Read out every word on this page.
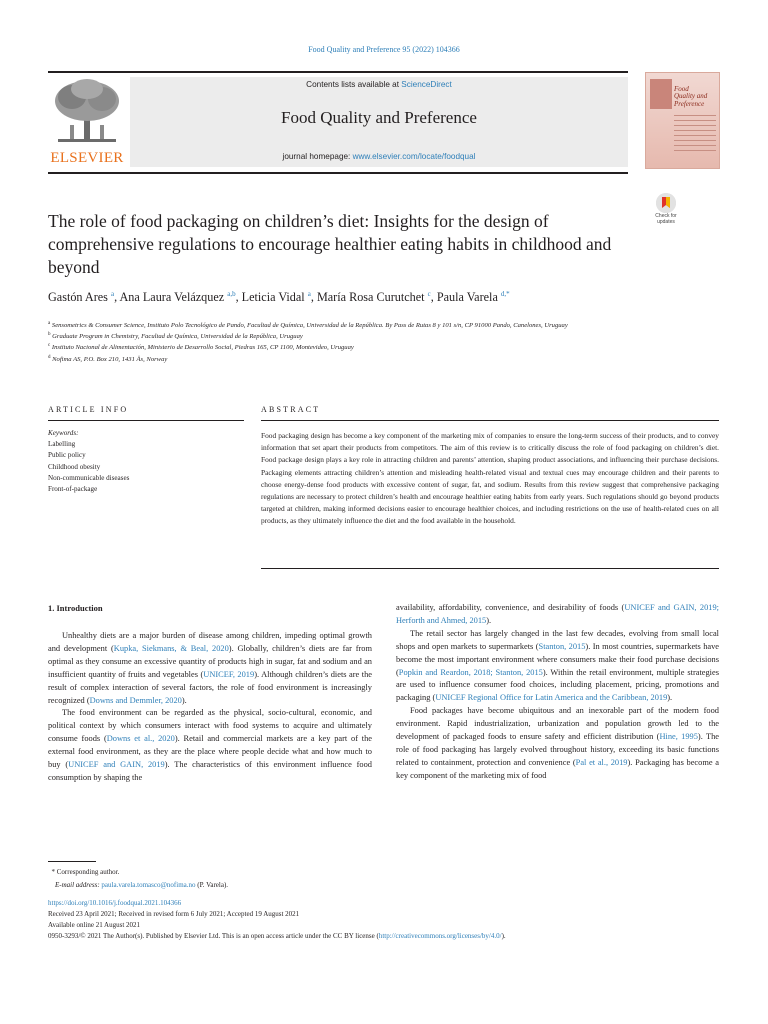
Food Quality and Preference 95 (2022) 104366
ELSEVIER
Contents lists available at ScienceDirect
Food Quality and Preference
journal homepage: www.elsevier.com/locate/foodqual
Food
Quality and
Preference
Check for
updates
The role of food packaging on children’s diet: Insights for the design of comprehensive regulations to encourage healthier eating habits in childhood and beyond
Gastón Ares $^a$, Ana Laura Velázquez $^{a,b}$, Leticia Vidal $^a$, María Rosa Curutchet $^c$, Paula Varela $^{d,*}$
$^a$ Sensometrics & Consumer Science, Instituto Polo Tecnológico de Pando, Facultad de Química, Universidad de la República. By Pass de Rutas 8 y 101 s/n, CP 91000 Pando, Canelones, Uruguay
$^b$ Graduate Program in Chemistry, Facultad de Química, Universidad de la República, Uruguay
$^c$ Instituto Nacional de Alimentación, Ministerio de Desarrollo Social, Piedras 165, CP 1100, Montevideo, Uruguay
$^d$ Nofima AS, P.O. Box 210, 1431 Ås, Norway
ARTICLE INFO	ABSTRACT
Keywords:
Labelling
Public policy
Childhood obesity
Non-communicable diseases
Front-of-package
Food packaging design has become a key component of the marketing mix of companies to ensure the long-term success of their products, and to convey information that set apart their products from competitors. The aim of this review is to critically discuss the role of food packaging on children’s diet. Food package design plays a key role in attracting children and parents’ attention, shaping product associations, and influencing their purchase decisions. Packaging elements attracting children’s attention and misleading health-related visual and textual cues may encourage children and their parents to choose energy-dense food products with excessive content of sugar, fat, and sodium. Results from this review suggest that comprehensive packaging regulations are necessary to protect children’s health and encourage healthier eating habits from early years. Such regulations should go beyond products targeted at children, making informed decisions easier to encourage healthier choices, and including restrictions on the use of health-related cues on all products, as they ultimately influence the diet and the food available in the household.
1. Introduction

Unhealthy diets are a major burden of disease among children, impeding optimal growth and development (Kupka, Siekmans, & Beal, 2020). Globally, children’s diets are far from optimal as they consume an excessive quantity of products high in sugar, fat and sodium and an insufficient quantity of fruits and vegetables (UNICEF, 2019). Although children’s diets are the result of complex interaction of several factors, the role of food environment is increasingly recognized (Downs and Demmler, 2020).

The food environment can be regarded as the physical, socio-cultural, economic, and political context by which consumers interact with food systems to acquire and ultimately consume foods (Downs et al., 2020). Retail and commercial markets are a key part of the external food environment, as they are the place where people decide what and how much to buy (UNICEF and GAIN, 2019). The characteristics of this environment influence food consumption by shaping the

availability, affordability, convenience, and desirability of foods (UNICEF and GAIN, 2019; Herforth and Ahmed, 2015).

The retail sector has largely changed in the last few decades, evolving from small local shops and open markets to supermarkets (Stanton, 2015). In most countries, supermarkets have become the most important environment where consumers make their food purchase decisions (Popkin and Reardon, 2018; Stanton, 2015). Within the retail environment, multiple strategies are used to influence consumer food choices, including placement, pricing, promotions and packaging (UNICEF Regional Office for Latin America and the Caribbean, 2019).

Food packages have become ubiquitous and an inexorable part of the modern food environment. Rapid industrialization, urbanization and population growth led to the development of packaged foods to ensure safety and efficient distribution (Hine, 1995). The role of food packaging has largely evolved throughout history, exceeding its basic functions related to containment, protection and convenience (Pal et al., 2019). Packaging has become a key component of the marketing mix of food

* Corresponding author.
E-mail address: paula.varela.tomasco@nofima.no (P. Varela).
https://doi.org/10.1016/j.foodqual.2021.104366
Received 23 April 2021; Received in revised form 6 July 2021; Accepted 19 August 2021
Available online 21 August 2021
0950-3293/© 2021 The Author(s). Published by Elsevier Ltd. This is an open access article under the CC BY license (http://creativecommons.org/licenses/by/4.0/).
